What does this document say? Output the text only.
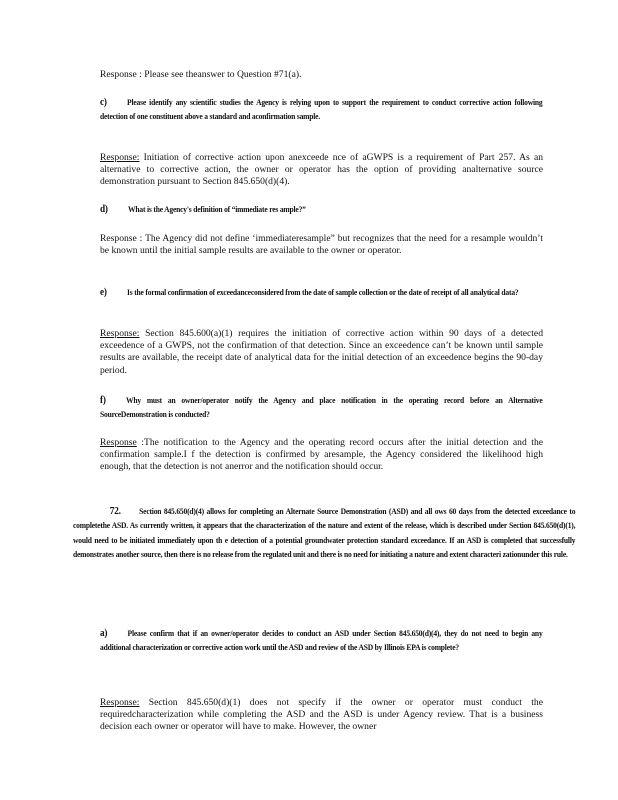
Response : Please see theanswer to Question #71(a).
c) Please identify any scientific studies the Agency is relying upon to support the requirement to conduct corrective action following detection of one constituent above a standard and aconfirmation sample.
Response: Initiation of corrective action upon anexceede nce of aGWPS is a requirement of Part 257. As an alternative to corrective action, the owner or operator has the option of providing analternative source demonstration pursuant to Section 845.650(d)(4).
d) What is the Agency's definition of “immediate res ample?”
Response : The Agency did not define ‘immediateresample” but recognizes that the need for a resample wouldn’t be known until the initial sample results are available to the owner or operator.
e) Is the formal confirmation of exceedanceconsidered from the date of sample collection or the date of receipt of all analytical data?
Response: Section 845.600(a)(1) requires the initiation of corrective action within 90 days of a detected exceedence of a GWPS, not the confirmation of that detection. Since an exceedence can’t be known until sample results are available, the receipt date of analytical data for the initial detection of an exceedence begins the 90-day period.
f) Why must an owner/operator notify the Agency and place notification in the operating record before an Alternative SourceDemonstration is conducted?
Response :The notification to the Agency and the operating record occurs after the initial detection and the confirmation sample.I f the detection is confirmed by aresample, the Agency considered the likelihood high enough, that the detection is not anerror and the notification should occur.
72. Section 845.650(d)(4) allows for completing an Alternate Source Demonstration (ASD) and all ows 60 days from the detected exceedance to completethe ASD. As currently written, it appears that the characterization of the nature and extent of the release, which is described under Section 845.650(d)(1), would need to be initiated immediately upon th e detection of a potential groundwater protection standard exceedance. If an ASD is completed that successfully demonstrates another source, then there is no release from the regulated unit and there is no need for initiating a nature and extent characteri zationunder this rule.
a) Please confirm that if an owner/operator decides to conduct an ASD under Section 845.650(d)(4), they do not need to begin any additional characterization or corrective action work until the ASD and review of the ASD by Illinois EPA is complete?
Response: Section 845.650(d)(1) does not specify if the owner or operator must conduct the requiredcharacterization while completing the ASD and the ASD is under Agency review. That is a business decision each owner or operator will have to make. However, the owner
